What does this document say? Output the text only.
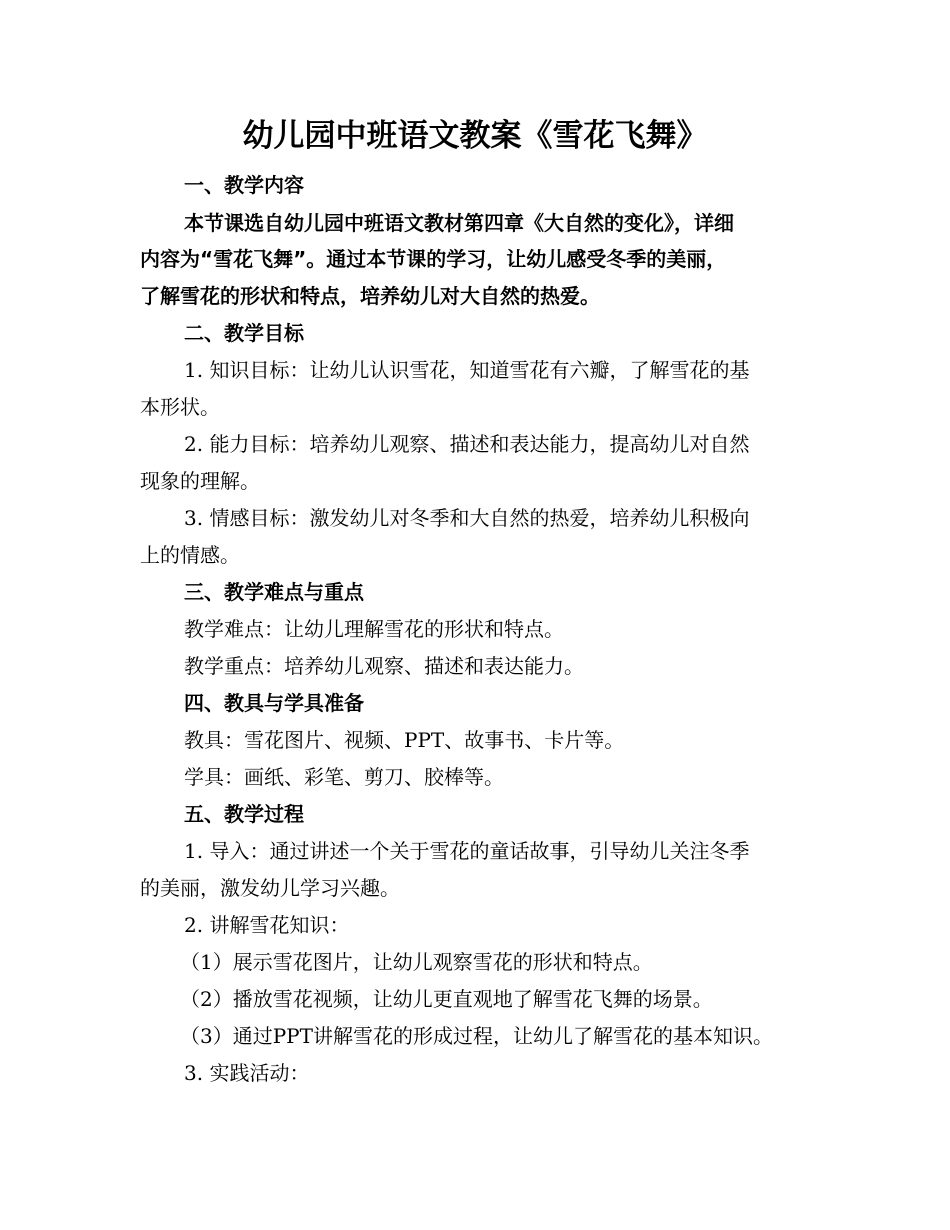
幼儿园中班语文教案《雪花飞舞》
一、教学内容
本节课选自幼儿园中班语文教材第四章《大自然的变化》，详细
内容为“雪花飞舞”。通过本节课的学习，让幼儿感受冬季的美丽，
了解雪花的形状和特点，培养幼儿对大自然的热爱。
二、教学目标
1. 知识目标：让幼儿认识雪花，知道雪花有六瓣，了解雪花的基
本形状。
2. 能力目标：培养幼儿观察、描述和表达能力，提高幼儿对自然
现象的理解。
3. 情感目标：激发幼儿对冬季和大自然的热爱，培养幼儿积极向
上的情感。
三、教学难点与重点
教学难点：让幼儿理解雪花的形状和特点。
教学重点：培养幼儿观察、描述和表达能力。
四、教具与学具准备
教具：雪花图片、视频、PPT、故事书、卡片等。
学具：画纸、彩笔、剪刀、胶棒等。
五、教学过程
1. 导入：通过讲述一个关于雪花的童话故事，引导幼儿关注冬季
的美丽，激发幼儿学习兴趣。
2. 讲解雪花知识：
（1）展示雪花图片，让幼儿观察雪花的形状和特点。
（2）播放雪花视频，让幼儿更直观地了解雪花飞舞的场景。
（3）通过PPT讲解雪花的形成过程，让幼儿了解雪花的基本知识。
3. 实践活动：
